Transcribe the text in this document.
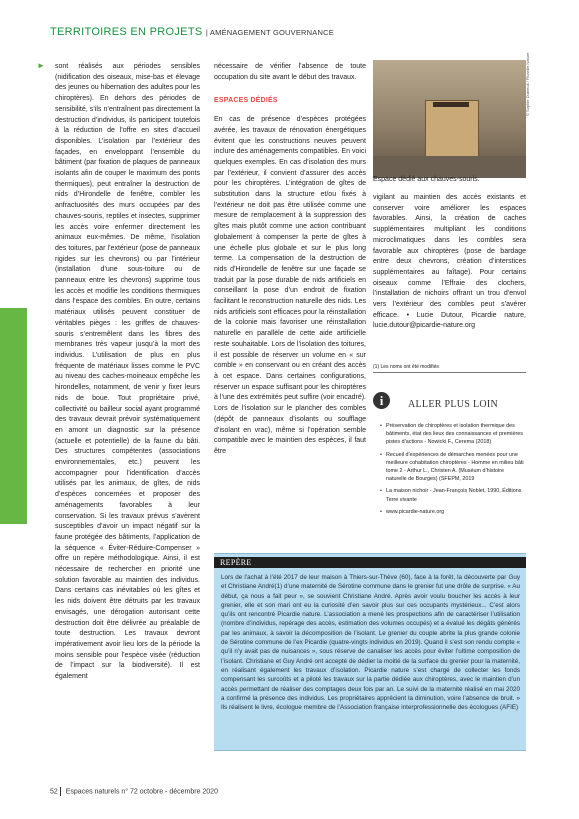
TERRITOIRES EN PROJETS | AMÉNAGEMENT GOUVERNANCE
► sont réalisés aux périodes sensibles (nidification des oiseaux, mise-bas et élevage des jeunes ou hibernation des adultes pour les chiroptères). En dehors des périodes de sensibilité, s’ils n’entraînent pas directement la destruction d’individus, ils participent toutefois à la réduction de l’offre en sites d’accueil disponibles. L’isolation par l’extérieur des façades, en enveloppant l’ensemble du bâtiment (par fixation de plaques de panneaux isolants afin de couper le maximum des ponts thermiques), peut entraîner la destruction de nids d’Hirondelle de fenêtre, combler les anfractuosités des murs occupées par des chauves-souris, reptiles et insectes, supprimer les accès voire enfermer directement les animaux eux-mêmes. De même, l’isolation des toitures, par l’extérieur (pose de panneaux rigides sur les chevrons) ou par l’intérieur (installation d’une sous-toiture ou de panneaux entre les chevrons) supprime tous les accès et modifie les conditions thermiques dans l’espace des combles. En outre, certains matériaux utilisés peuvent constituer de véritables pièges : les griffes de chauves-souris s’entremêlent dans les fibres des membranes très vapeur jusqu’à la mort des individus. L’utilisation de plus en plus fréquente de matériaux lisses comme le PVC au niveau des caches-moineaux empêche les hirondelles, notamment, de venir y fixer leurs nids de boue. Tout propriétaire privé, collectivité ou bailleur social ayant programmé des travaux devrait prévoir systématiquement en amont un diagnostic sur la présence (actuelle et potentielle) de la faune du bâti. Des structures compétentes (associations environnementales, etc.) peuvent les accompagner pour l’identification d’accès utilisés par les animaux, de gîtes, de nids d’espèces concernées et proposer des aménagements favorables à leur conservation. Si les travaux prévus s’avèrent susceptibles d’avoir un impact négatif sur la faune protégée des bâtiments, l’application de la séquence « Éviter-Réduire-Compenser » offre un repère méthodologique. Ainsi, il est nécessaire de rechercher en priorité une solution favorable au maintien des individus. Dans certains cas inévitables où les gîtes et les nids doivent être détruits par les travaux envisagés, une dérogation autorisant cette destruction doit être délivrée au préalable de toute destruction. Les travaux devront impérativement avoir lieu lors de la période la moins sensible pour l’espèce visée (réduction de l’impact sur la biodiversité). Il est également

nécessaire de vérifier l’absence de toute occupation du site avant le début des travaux.

ESPACES DÉDIÉS

En cas de présence d’espèces protégées avérée, les travaux de rénovation énergétiques évitent que les constructions neuves peuvent inclure des aménagements compatibles. En voici quelques exemples. En cas d’isolation des murs par l’extérieur, il convient d’assurer des accès pour les chiroptères. L’intégration de gîtes de substitution dans la structure et/ou fixés à l’extérieur ne doit pas être utilisée comme une mesure de remplacement à la suppression des gîtes mais plutôt comme une action contribuant globalement à compenser la perte de gîtes à une échelle plus globale et sur le plus long terme. La compensation de la destruction de nids d’Hirondelle de fenêtre sur une façade se traduit par la pose durable de nids artificiels en conseillant la pose d’un endroit de fixation facilitant le reconstruction naturelle des nids. Les nids artificiels sont efficaces pour la réinstallation de la colonie mais favoriser une réinstallation naturelle en parallèle de cette aide artificielle reste souhaitable. Lors de l’isolation des toitures, il est possible de réserver un volume en « sur comble » en conservant ou en créant des accès à cet espace. Dans certaines configurations, réserver un espace suffisant pour les chiroptères à l’une des extrémités peut suffire (voir encadré). Lors de l’isolation sur le plancher des combles (dépôt de panneaux d’isolants ou soufflage d’isolant en vrac), même si l’opération semble compatible avec le maintien des espèces, il faut être

© Sophie Dubreuil / Picardie Nature
Espace dédié aux chauves-souris.

vigilant au maintien des accès existants et conserver voire améliorer les espaces favorables. Ainsi, la création de caches supplémentaires multipliant les conditions microclimatiques dans les combles sera favorable aux chiroptères (pose de bardage entre deux chevrons, création d’interstices supplémentaires au faîtage). Pour certains oiseaux comme l’Effraie des clochers, l’installation de nichoirs offrant un trou d’envol vers l’extérieur des combles peut s’avérer efficace. • Lucie Dutour, Picardie nature, lucie.dutour@picardie-nature.org

(1) Les noms ont été modifiés
i	ALLER PLUS LOIN
• Préservation de chiroptères et isolation thermique des bâtiments, état des lieux des connaissances et premières pistes d’actions - Nowicki F., Cerema (2018)
• Recueil d’expériences de démarches menées pour une meilleure cohabitation chiroptères - Homme en milieu bâti tome 2 - Arthur L., Christen A. (Muséum d’histoire naturelle de Bourges) (SFEPM, 2019
• La maison nichoir - Jean-François Noblet, 1990, Éditions Terre vivante
• www.picardie-nature.org
REPÈRE
Lors de l’achat à l’été 2017 de leur maison à Thiers-sur-Thève (60), face à la forêt, la découverte par Guy et Christiane André(1) d’une maternité de Sérotine commune dans le grenier fut une drôle de surprise. « Au début, ça nous a fait peur », se souvient Christiane André. Après avoir voulu boucher les accès à leur grenier, elle et son mari ont eu la curiosité d’en savoir plus sur ces occupants mystérieux... C’est alors qu’ils ont rencontré Picardie nature. L’association a mené les prospections afin de caractériser l’utilisation (nombre d’individus, repérage des accès, estimation des volumes occupés) et a évalué les dégâts générés par les animaux, à savoir la décomposition de l’isolant. Le grenier du couple abrite la plus grande colonie de Sérotine commune de l’ex Picardie (quatre-vingts individus en 2019). Quand il s’est son rendu compte « qu’il n’y avait pas de nuisances », sous réserve de canaliser les accès pour éviter l’ultime composition de l’isolant. Christiane et Guy André ont accepté de dédier la moitié de la surface du grenier pour la maternité, en réalisant également les travaux d’isolation. Picardie nature s’est chargé de collecter les fonds compensant les surcoûts et a piloté les travaux sur la partie dédiée aux chiroptères, avec le maintien d’un accès permettant de réaliser des comptages deux fois par an. Le suivi de la maternité réalisé en mai 2020 a confirmé la présence des individus. Les propriétaires apprécient la diminution, voire l’absence de bruit. » Ils réalisent le livre, écologue membre de l’Association française interprofessionnelle des écologues (AFIE)
52 Espaces naturels n° 72 octobre - décembre 2020
